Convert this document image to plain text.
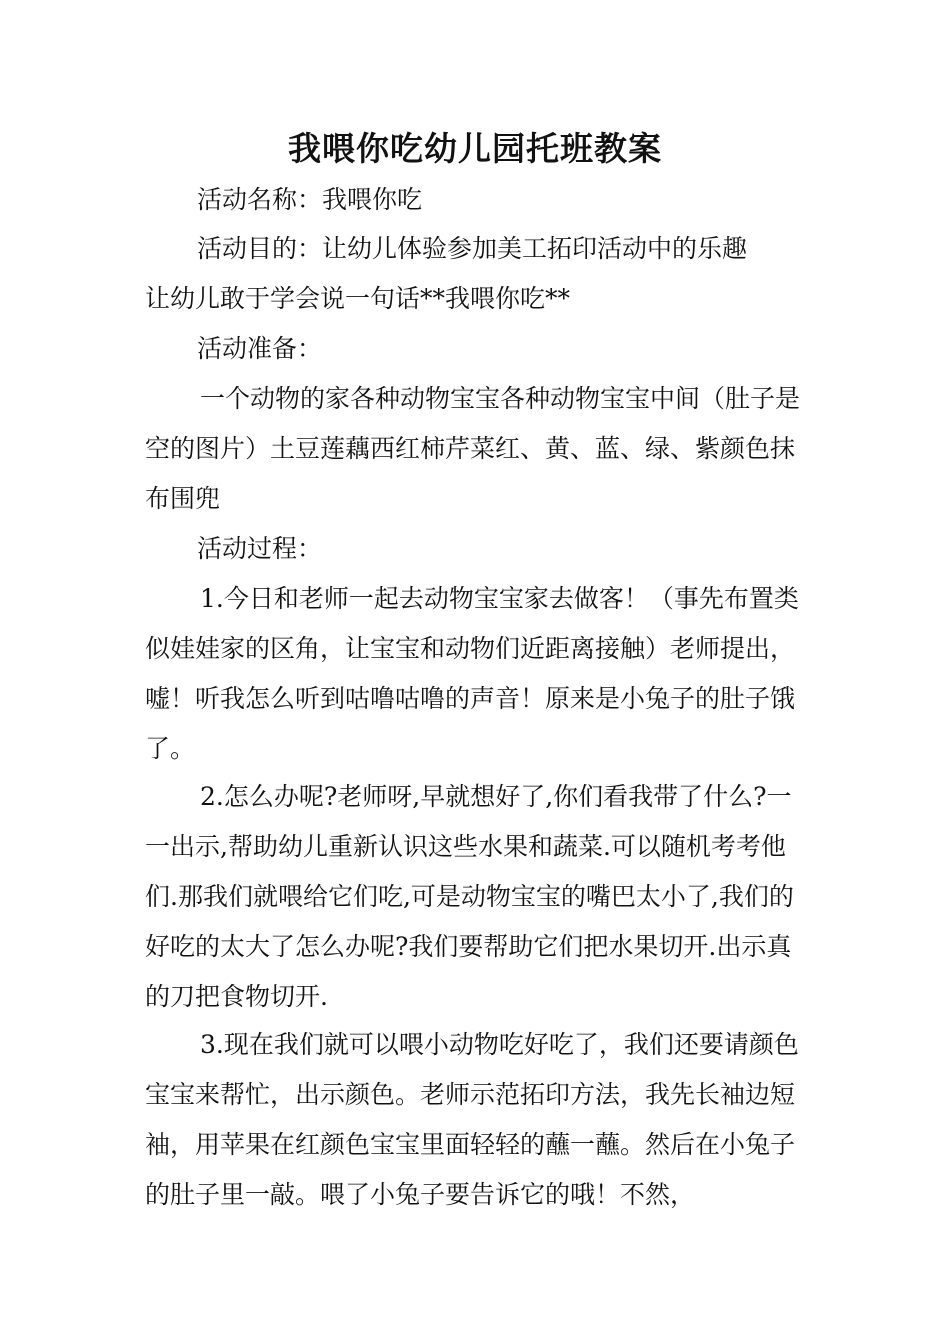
我喂你吃幼儿园托班教案

活动名称：我喂你吃

活动目的：让幼儿体验参加美工拓印活动中的乐趣

让幼儿敢于学会说一句话**我喂你吃**

活动准备：

一个动物的家各种动物宝宝各种动物宝宝中间（肚子是空的图片）土豆莲藕西红柿芹菜红、黄、蓝、绿、紫颜色抹布围兜

活动过程：

1.今日和老师一起去动物宝宝家去做客！（事先布置类似娃娃家的区角，让宝宝和动物们近距离接触）老师提出，嘘！听我怎么听到咕噜咕噜的声音！原来是小兔子的肚子饿了。

2.怎么办呢?老师呀,早就想好了,你们看我带了什么?一一出示,帮助幼儿重新认识这些水果和蔬菜.可以随机考考他们.那我们就喂给它们吃,可是动物宝宝的嘴巴太小了,我们的好吃的太大了怎么办呢?我们要帮助它们把水果切开.出示真的刀把食物切开.

3.现在我们就可以喂小动物吃好吃了，我们还要请颜色宝宝来帮忙，出示颜色。老师示范拓印方法，我先长袖边短袖，用苹果在红颜色宝宝里面轻轻的蘸一蘸。然后在小兔子的肚子里一敲。喂了小兔子要告诉它的哦！不然，
